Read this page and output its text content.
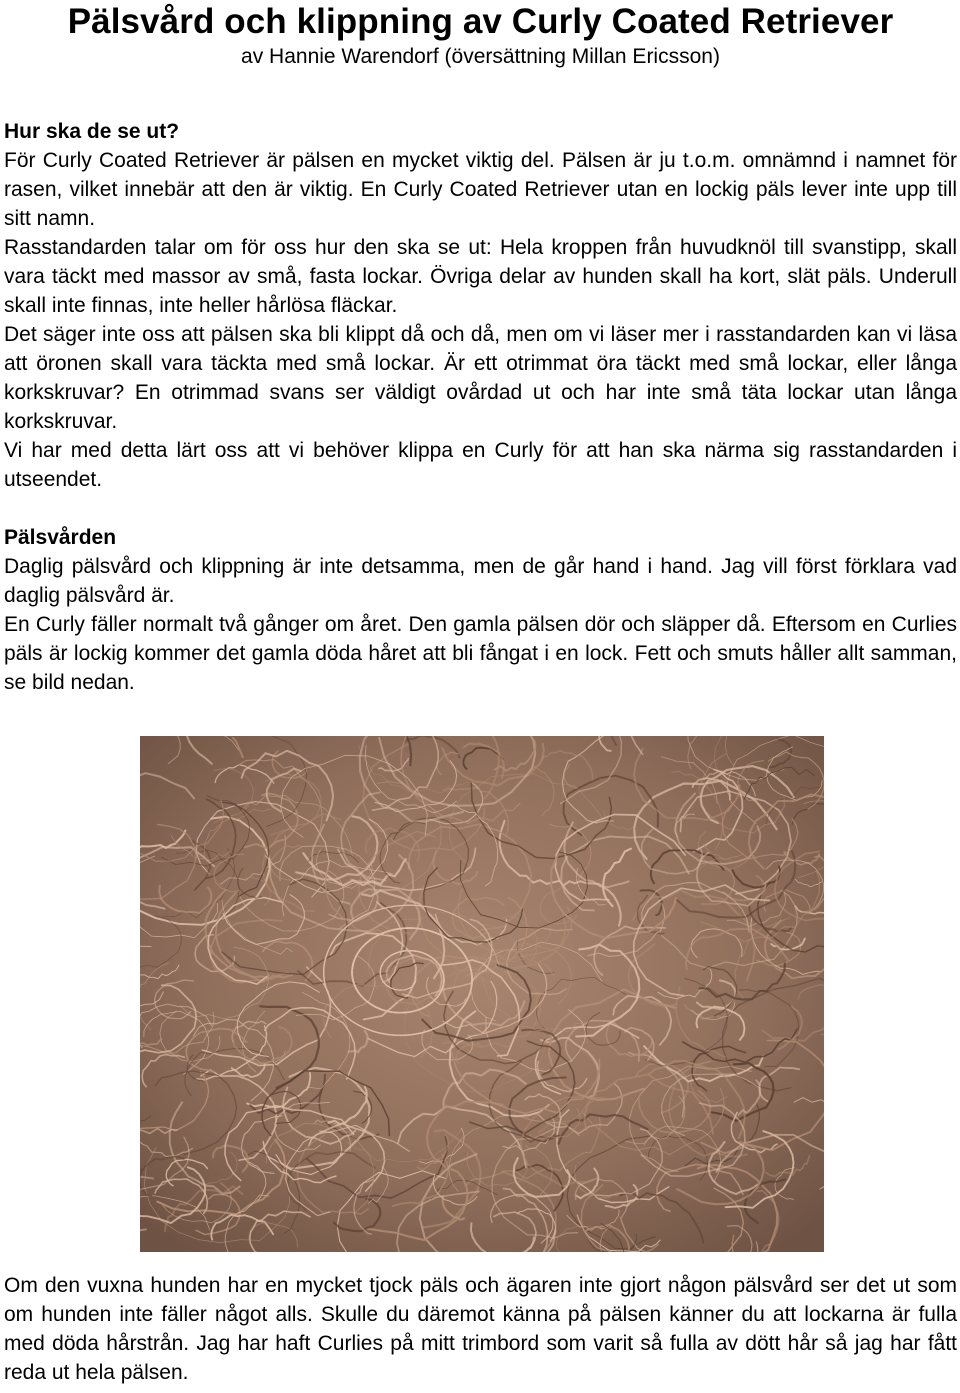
Pälsvård och klippning av Curly Coated Retriever
av Hannie Warendorf (översättning Millan Ericsson)
Hur ska de se ut?

För Curly Coated Retriever är pälsen en mycket viktig del. Pälsen är ju t.o.m. omnämnd i namnet för rasen, vilket innebär att den är viktig. En Curly Coated Retriever utan en lockig päls lever inte upp till sitt namn.

Rasstandarden talar om för oss hur den ska se ut: Hela kroppen från huvudknöl till svanstipp, skall vara täckt med massor av små, fasta lockar. Övriga delar av hunden skall ha kort, slät päls. Underull skall inte finnas, inte heller hårlösa fläckar.

Det säger inte oss att pälsen ska bli klippt då och då, men om vi läser mer i rasstandarden kan vi läsa att öronen skall vara täckta med små lockar. Är ett otrimmat öra täckt med små lockar, eller långa korkskruvar? En otrimmad svans ser väldigt ovårdad ut och har inte små täta lockar utan långa korkskruvar.

Vi har med detta lärt oss att vi behöver klippa en Curly för att han ska närma sig rasstandarden i utseendet.

Pälsvården

Daglig pälsvård och klippning är inte detsamma, men de går hand i hand. Jag vill först förklara vad daglig pälsvård är.

En Curly fäller normalt två gånger om året. Den gamla pälsen dör och släpper då. Eftersom en Curlies päls är lockig kommer det gamla döda håret att bli fångat i en lock. Fett och smuts håller allt samman, se bild nedan.

Om den vuxna hunden har en mycket tjock päls och ägaren inte gjort någon pälsvård ser det ut som om hunden inte fäller något alls. Skulle du däremot känna på pälsen känner du att lockarna är fulla med döda hårstrån. Jag har haft Curlies på mitt trimbord som varit så fulla av dött hår så jag har fått reda ut hela pälsen.
